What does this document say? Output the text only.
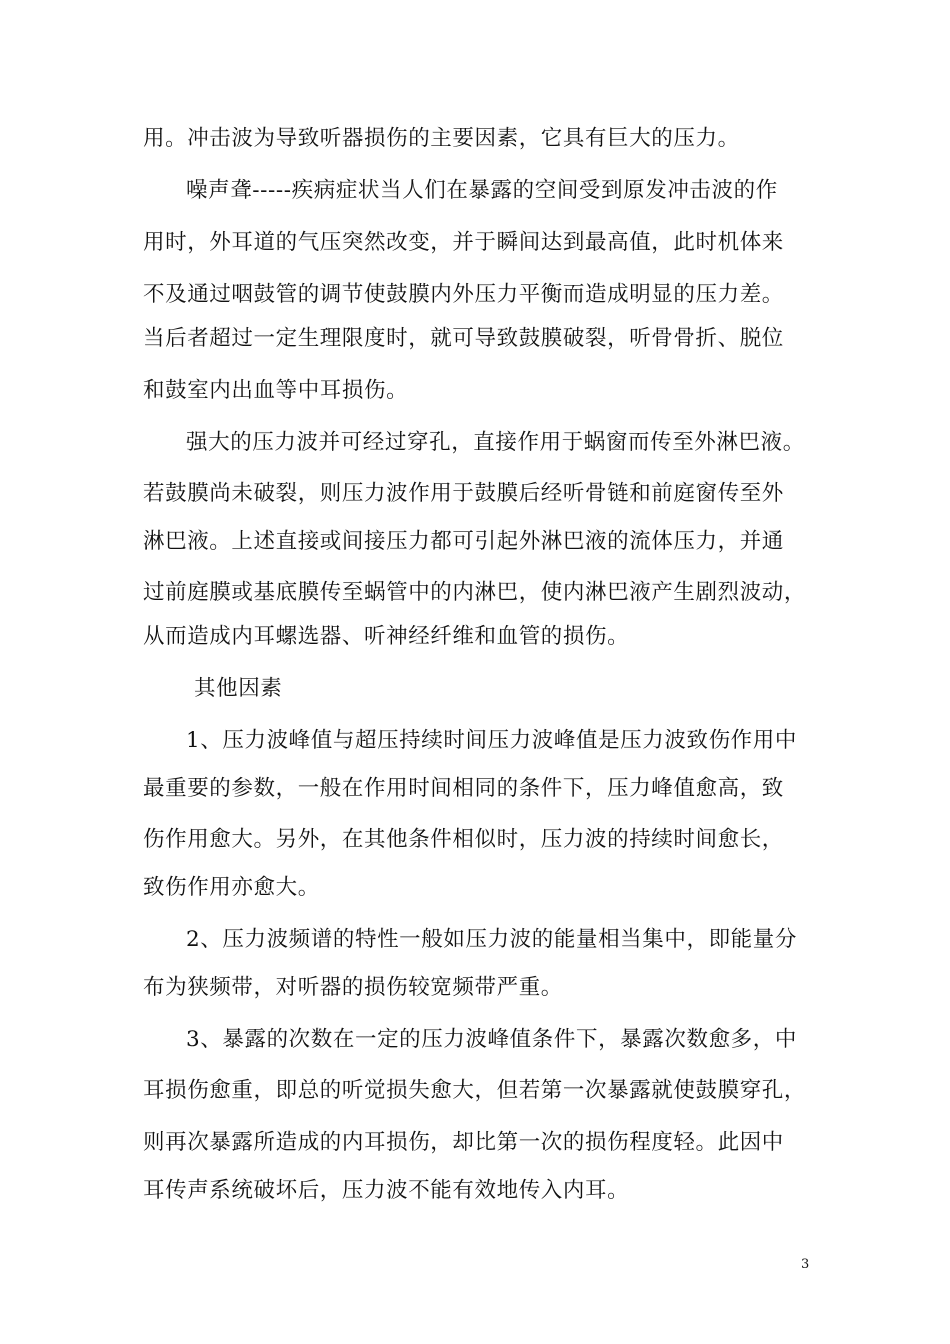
用。冲击波为导致听器损伤的主要因素，它具有巨大的压力。
噪声聋-----疾病症状当人们在暴露的空间受到原发冲击波的作
用时，外耳道的气压突然改变，并于瞬间达到最高值，此时机体来
不及通过咽鼓管的调节使鼓膜内外压力平衡而造成明显的压力差。
当后者超过一定生理限度时，就可导致鼓膜破裂，听骨骨折、脱位
和鼓室内出血等中耳损伤。
强大的压力波并可经过穿孔，直接作用于蜗窗而传至外淋巴液。
若鼓膜尚未破裂，则压力波作用于鼓膜后经听骨链和前庭窗传至外
淋巴液。上述直接或间接压力都可引起外淋巴液的流体压力，并通
过前庭膜或基底膜传至蜗管中的内淋巴，使内淋巴液产生剧烈波动，
从而造成内耳螺选器、听神经纤维和血管的损伤。
其他因素
1、压力波峰值与超压持续时间压力波峰值是压力波致伤作用中
最重要的参数，一般在作用时间相同的条件下，压力峰值愈高，致
伤作用愈大。另外，在其他条件相似时，压力波的持续时间愈长，
致伤作用亦愈大。
2、压力波频谱的特性一般如压力波的能量相当集中，即能量分
布为狭频带，对听器的损伤较宽频带严重。
3、暴露的次数在一定的压力波峰值条件下，暴露次数愈多，中
耳损伤愈重，即总的听觉损失愈大，但若第一次暴露就使鼓膜穿孔，
则再次暴露所造成的内耳损伤，却比第一次的损伤程度轻。此因中
耳传声系统破坏后，压力波不能有效地传入内耳。
3
